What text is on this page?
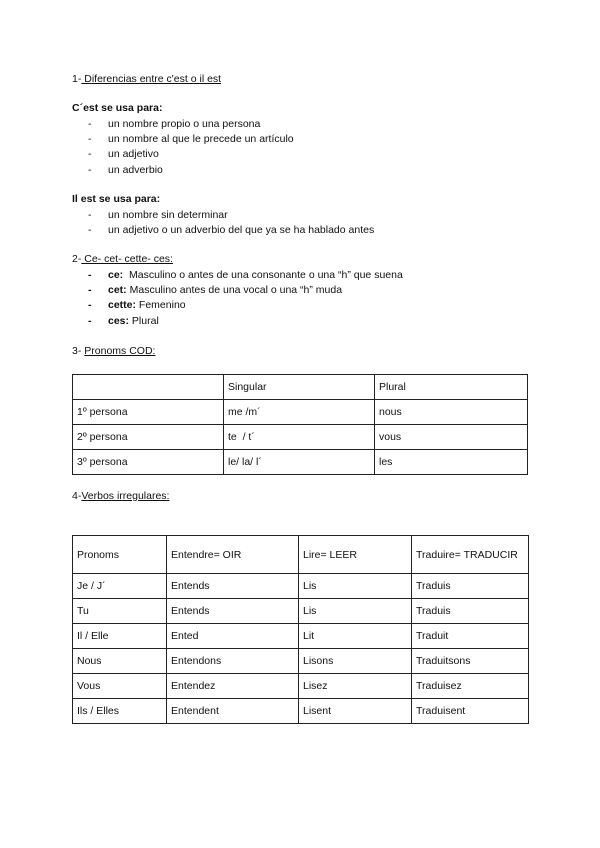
1- Diferencias entre c'est o il est
C´est se usa para:
-	un nombre propio o una persona
-	un nombre al que le precede un artículo
-	un adjetivo
-	un adverbio
Il est se usa para:
-	un nombre sin determinar
-	un adjetivo o un adverbio del que ya se ha hablado antes
2- Ce- cet- cette- ces:
-	ce:  Masculino o antes de una consonante o una “h” que suena
-	cet: Masculino antes de una vocal o una “h” muda
-	cette: Femenino
-	ces: Plural
3- Pronoms COD:
	Singular	Plural
1º persona	me /m´	nous
2º persona	te  / t´	vous
3º persona	le/ la/ l´	les
4-Verbos irregulares:
Pronoms	Entendre= OIR	Lire= LEER	Traduire= TRADUCIR
Je / J´	Entends	Lis	Traduis
Tu	Entends	Lis	Traduis
Il / Elle	Ented	Lit	Traduit
Nous	Entendons	Lisons	Traduitsons
Vous	Entendez	Lisez	Traduisez
Ils / Elles	Entendent	Lisent	Traduisent
